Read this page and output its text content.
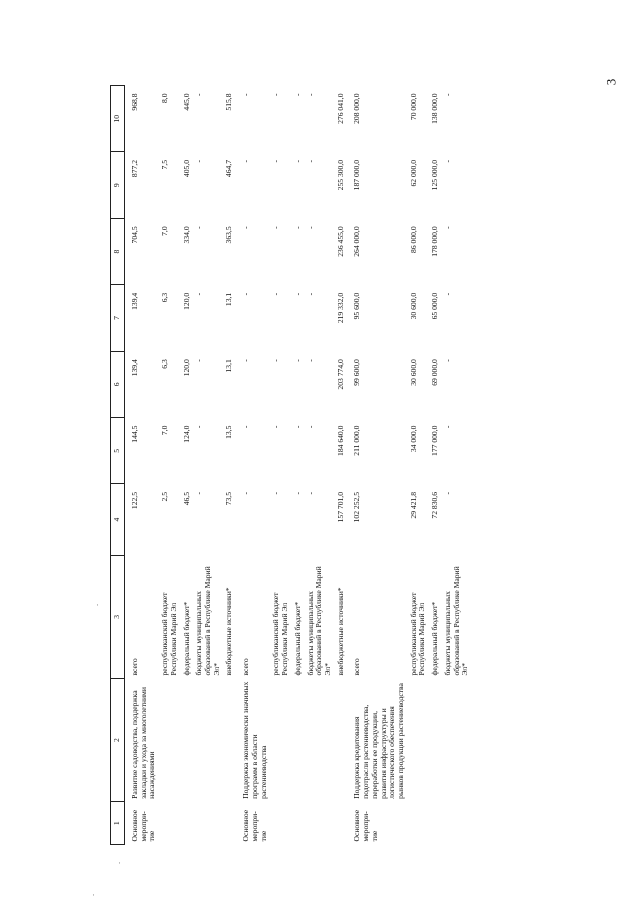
3
·
·
·
1	2	3	4	5	6	7	8	9	10
Основное меропри-тие	Развитие садоводства, поддержка закладки и ухода за многолетними насаждениями	всего	122,5	144,5	139,4	139,4	704,5	877,2	968,8
		республиканский бюджет Республики Марий Эл	2,5	7,0	6,3	6,3	7,0	7,5	8,0
		федеральный бюджет*	46,5	124,0	120,0	120,0	334,0	405,0	445,0
		бюджеты муниципальных образований в Республике Марий Эл*	-	-	-	-	-	-	-
		внебюджетные источники*	73,5	13,5	13,1	13,1	363,5	464,7	515,8
Основное меропри-тие	Поддержка экономически значимых программ в области растениеводства	всего	-	-	-	-	-	-	-
		республиканский бюджет Республики Марий Эл	-	-	-	-	-	-	-
		федеральный бюджет*	-	-	-	-	-	-	-
		бюджеты муниципальных образований в Республике Марий Эл*	-	-	-	-	-	-	-
		внебюджетные источники*	157 701,0	184 640,0	203 774,0	219 332,0	236 455,0	255 300,0	276 041,0
Основное меропри-тие	Поддержка кредитования подотрасли растениеводства, переработки ее продукции, развития инфраструктуры и логистического обеспечения рынков продукции растениеводства	всего	102 252,5	211 000,0	99 600,0	95 600,0	264 000,0	187 000,0	208 000,0
		республиканский бюджет Республики Марий Эл	29 421,8	34 000,0	30 600,0	30 600,0	86 000,0	62 000,0	70 000,0
		федеральный бюджет*	72 830,6	177 000,0	69 000,0	65 000,0	178 000,0	125 000,0	138 000,0
		бюджеты муниципальных образований в Республике Марий Эл*	-	-	-	-	-	-	-
